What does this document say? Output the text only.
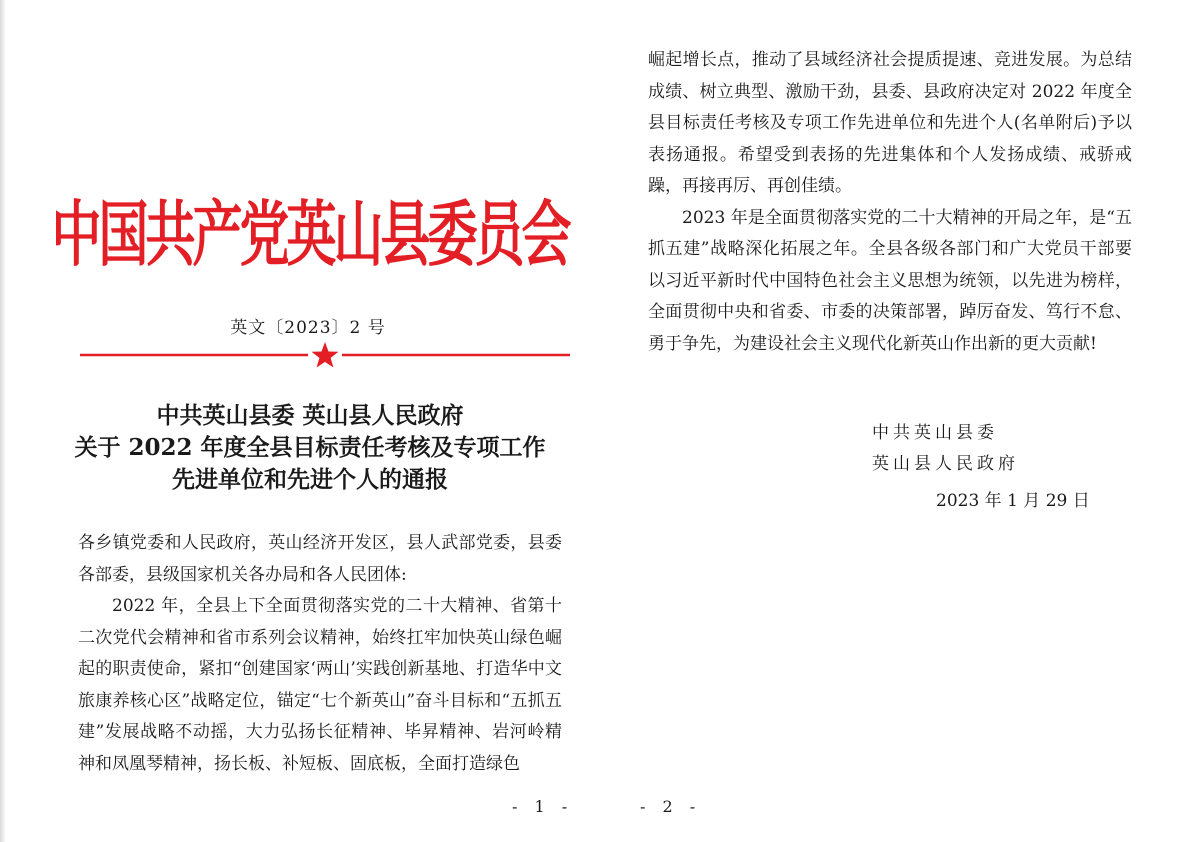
中国共产党英山县委员会
英文〔2023〕2 号
中共英山县委 英山县人民政府
关于 2022 年度全县目标责任考核及专项工作
先进单位和先进个人的通报

各乡镇党委和人民政府，英山经济开发区，县人武部党委，县委各部委，县级国家机关各办局和各人民团体:

2022 年，全县上下全面贯彻落实党的二十大精神、省第十二次党代会精神和省市系列会议精神，始终扛牢加快英山绿色崛起的职责使命，紧扣“创建国家‘两山’实践创新基地、打造华中文旅康养核心区”战略定位，锚定“七个新英山”奋斗目标和“五抓五建”发展战略不动摇，大力弘扬长征精神、毕昇精神、岩河岭精神和凤凰琴精神，扬长板、补短板、固底板，全面打造绿色

- 1 -

崛起增长点，推动了县域经济社会提质提速、竞进发展。为总结成绩、树立典型、激励干劲，县委、县政府决定对 2022 年度全县目标责任考核及专项工作先进单位和先进个人(名单附后)予以表扬通报。希望受到表扬的先进集体和个人发扬成绩、戒骄戒躁，再接再厉、再创佳绩。

2023 年是全面贯彻落实党的二十大精神的开局之年，是“五抓五建”战略深化拓展之年。全县各级各部门和广大党员干部要以习近平新时代中国特色社会主义思想为统领，以先进为榜样，全面贯彻中央和省委、市委的决策部署，踔厉奋发、笃行不怠、勇于争先，为建设社会主义现代化新英山作出新的更大贡献!

中共英山县委
英山县人民政府
2023 年 1 月 29 日
- 2 -
